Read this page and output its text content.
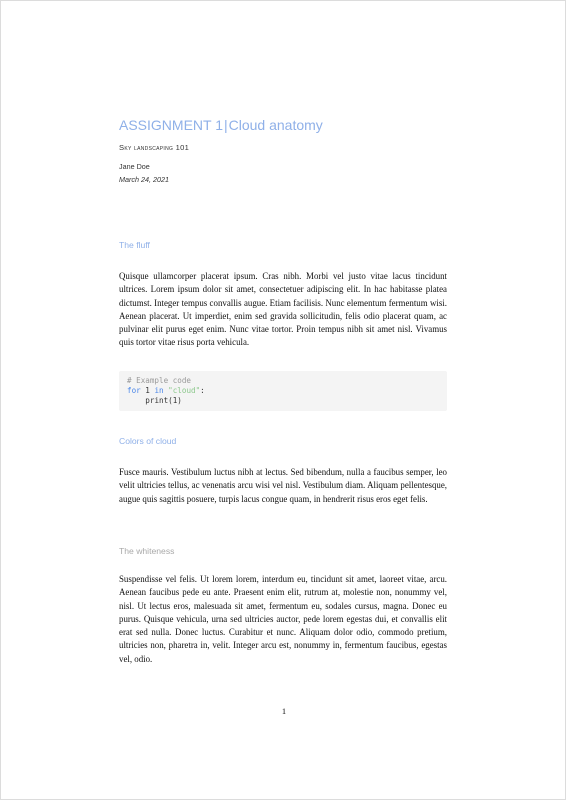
ASSIGNMENT 1|Cloud anatomy
Sky landscaping 101
Jane Doe
March 24, 2021
The fluff
Quisque ullamcorper placerat ipsum. Cras nibh. Morbi vel justo vitae lacus tincidunt ultrices. Lorem ipsum dolor sit amet, consectetuer adipiscing elit. In hac habitasse platea dictumst. Integer tempus convallis augue. Etiam facilisis. Nunc elementum fermentum wisi. Aenean placerat. Ut imperdiet, enim sed gravida sollicitudin, felis odio placerat quam, ac pulvinar elit purus eget enim. Nunc vitae tortor. Proin tempus nibh sit amet nisl. Vivamus quis tortor vitae risus porta vehicula.
# Example code
for 1 in "cloud":
print(1)
Colors of cloud
Fusce mauris. Vestibulum luctus nibh at lectus. Sed bibendum, nulla a faucibus semper, leo velit ultricies tellus, ac venenatis arcu wisi vel nisl. Vestibulum diam. Aliquam pellentesque, augue quis sagittis posuere, turpis lacus congue quam, in hendrerit risus eros eget felis.
The whiteness
Suspendisse vel felis. Ut lorem lorem, interdum eu, tincidunt sit amet, laoreet vitae, arcu. Aenean faucibus pede eu ante. Praesent enim elit, rutrum at, molestie non, nonummy vel, nisl. Ut lectus eros, malesuada sit amet, fermentum eu, sodales cursus, magna. Donec eu purus. Quisque vehicula, urna sed ultricies auctor, pede lorem egestas dui, et convallis elit erat sed nulla. Donec luctus. Curabitur et nunc. Aliquam dolor odio, commodo pretium, ultricies non, pharetra in, velit. Integer arcu est, nonummy in, fermentum faucibus, egestas vel, odio.
1
